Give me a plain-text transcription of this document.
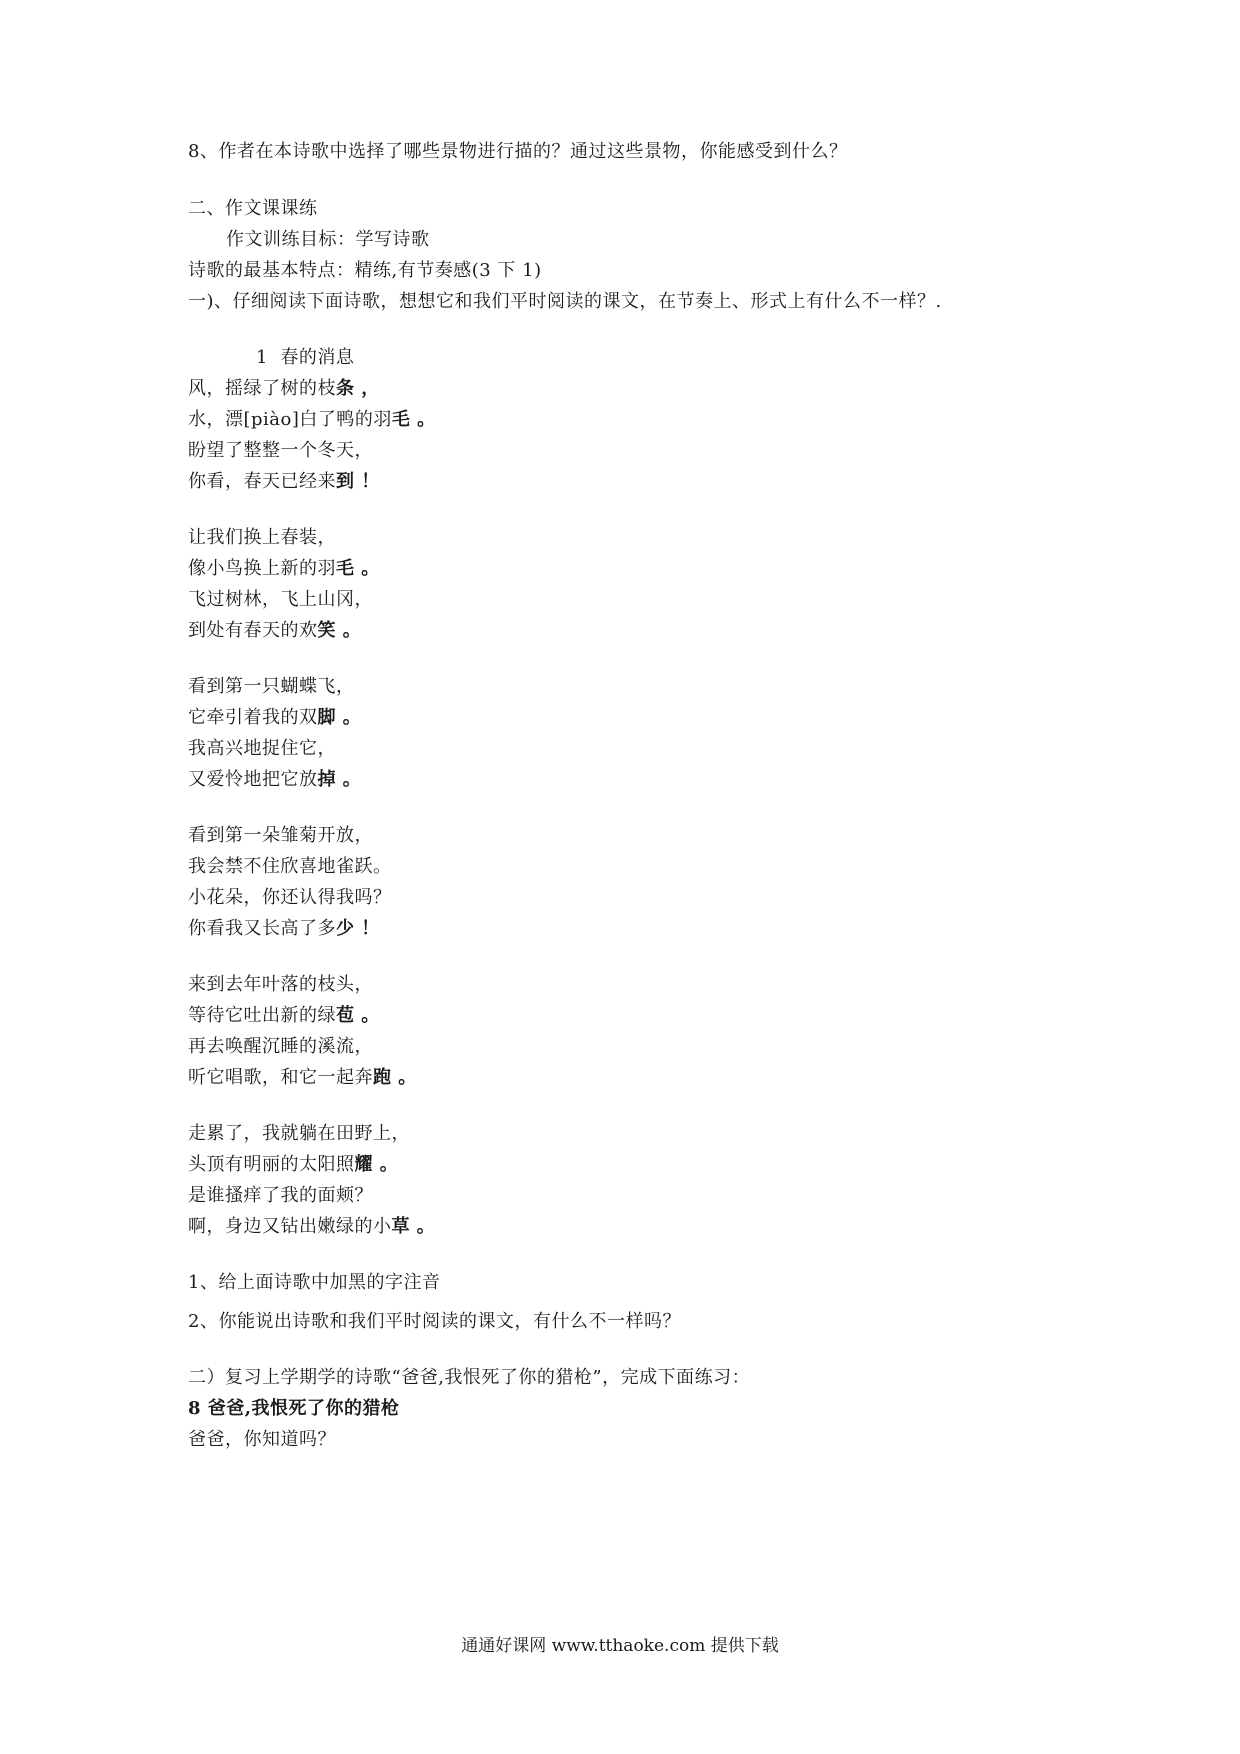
8、作者在本诗歌中选择了哪些景物进行描的？通过这些景物，你能感受到什么？
二、作文课课练
作文训练目标：学写诗歌
诗歌的最基本特点：精练,有节奏感(3 下 1)
一)、仔细阅读下面诗歌，想想它和我们平时阅读的课文，在节奏上、形式上有什么不一样？.
1  春的消息
风，摇绿了树的枝条 ，
水，漂[piào]白了鸭的羽毛 。
盼望了整整一个冬天，
你看，春天已经来到 ！
让我们换上春装，
像小鸟换上新的羽毛 。
飞过树林，飞上山冈，
到处有春天的欢笑 。
看到第一只蝴蝶飞，
它牵引着我的双脚 。
我高兴地捉住它，
又爱怜地把它放掉 。
看到第一朵雏菊开放，
我会禁不住欣喜地雀跃。
小花朵，你还认得我吗？
你看我又长高了多少 ！
来到去年叶落的枝头，
等待它吐出新的绿苞 。
再去唤醒沉睡的溪流，
听它唱歌，和它一起奔跑 。
走累了，我就躺在田野上，
头顶有明丽的太阳照耀 。
是谁搔痒了我的面颊？
啊，身边又钻出嫩绿的小草 。
1、给上面诗歌中加黑的字注音
2、你能说出诗歌和我们平时阅读的课文，有什么不一样吗？
二）复习上学期学的诗歌“爸爸,我恨死了你的猎枪”，完成下面练习：
8 爸爸,我恨死了你的猎枪
爸爸，你知道吗？
通通好课网 www.tthaoke.com 提供下载
